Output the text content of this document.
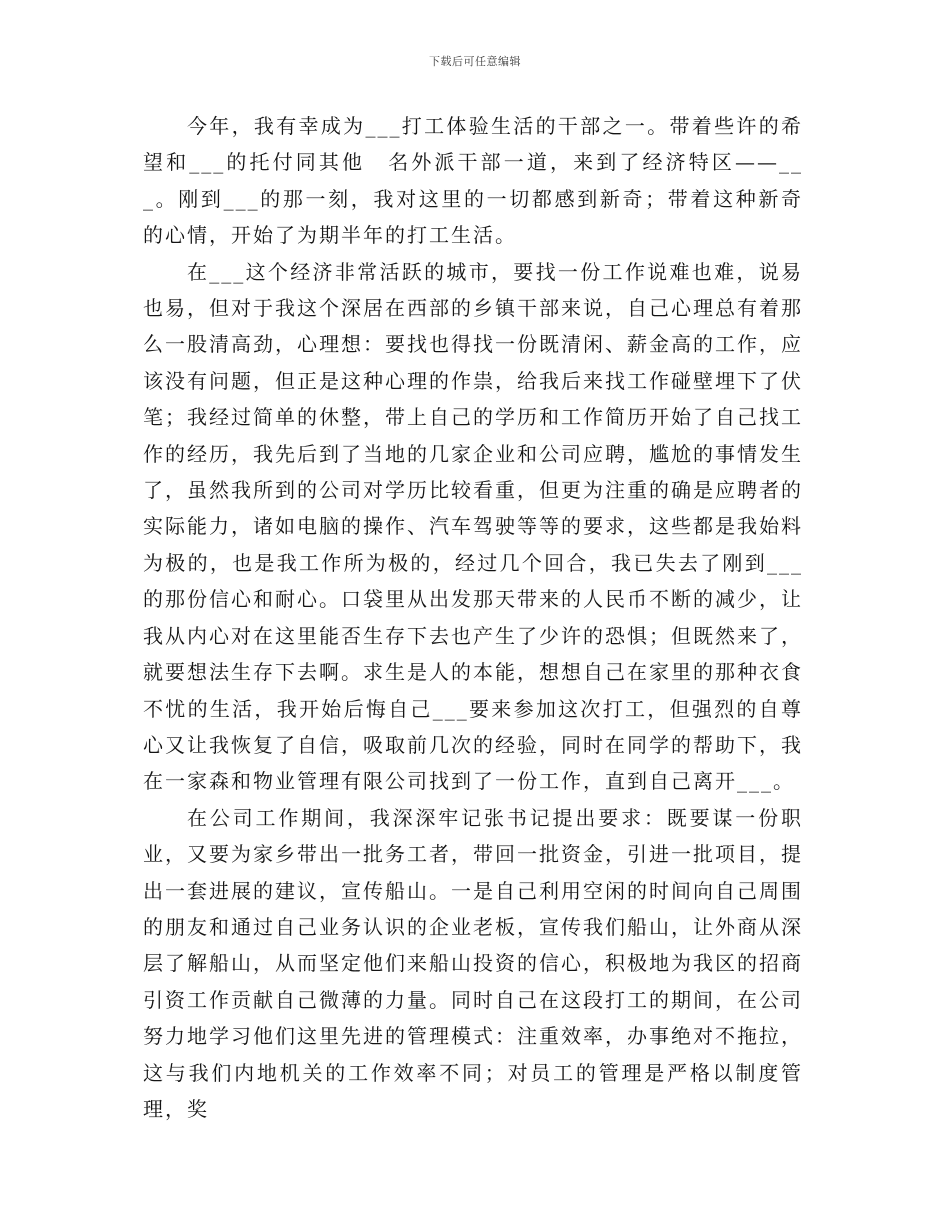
下载后可任意编辑

今年，我有幸成为___打工体验生活的干部之一。带着些许的希望和___的托付同其他　名外派干部一道，来到了经济特区——___。刚到___的那一刻，我对这里的一切都感到新奇；带着这种新奇的心情，开始了为期半年的打工生活。

在___这个经济非常活跃的城市，要找一份工作说难也难，说易也易，但对于我这个深居在西部的乡镇干部来说，自己心理总有着那么一股清高劲，心理想：要找也得找一份既清闲、薪金高的工作，应该没有问题，但正是这种心理的作祟，给我后来找工作碰壁埋下了伏笔；我经过简单的休整，带上自己的学历和工作简历开始了自己找工作的经历，我先后到了当地的几家企业和公司应聘，尴尬的事情发生了，虽然我所到的公司对学历比较看重，但更为注重的确是应聘者的实际能力，诸如电脑的操作、汽车驾驶等等的要求，这些都是我始料为极的，也是我工作所为极的，经过几个回合，我已失去了刚到___的那份信心和耐心。口袋里从出发那天带来的人民币不断的减少，让我从内心对在这里能否生存下去也产生了少许的恐惧；但既然来了，就要想法生存下去啊。求生是人的本能，想想自己在家里的那种衣食不忧的生活，我开始后悔自己___要来参加这次打工，但强烈的自尊心又让我恢复了自信，吸取前几次的经验，同时在同学的帮助下，我在一家森和物业管理有限公司找到了一份工作，直到自己离开___。

在公司工作期间，我深深牢记张书记提出要求：既要谋一份职业，又要为家乡带出一批务工者，带回一批资金，引进一批项目，提出一套进展的建议，宣传船山。一是自己利用空闲的时间向自己周围的朋友和通过自己业务认识的企业老板，宣传我们船山，让外商从深层了解船山，从而坚定他们来船山投资的信心，积极地为我区的招商引资工作贡献自己微薄的力量。同时自己在这段打工的期间，在公司努力地学习他们这里先进的管理模式：注重效率，办事绝对不拖拉，这与我们内地机关的工作效率不同；对员工的管理是严格以制度管理，奖
